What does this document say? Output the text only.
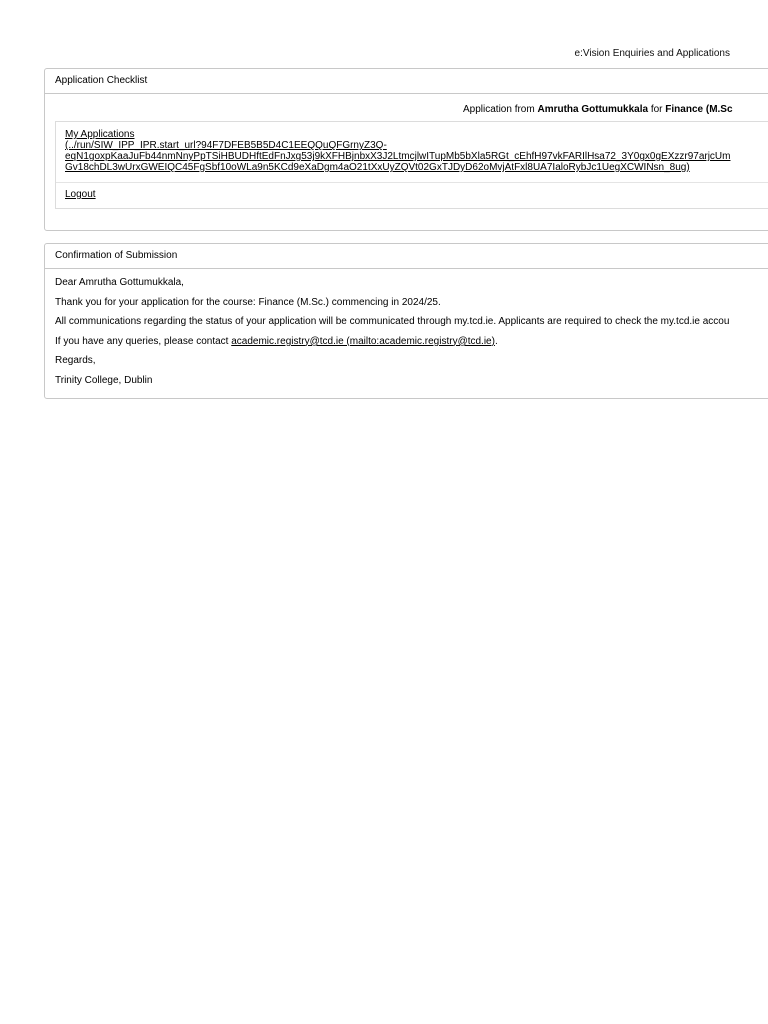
e:Vision Enquiries and Applications
Application Checklist
Application from Amrutha Gottumukkala for Finance (M.Sc
My Applications
(../run/SIW_IPP_IPR.start_url?94F7DFEB5B5D4C1EEQQuQFGrnyZ3Q-
eqN1goxpKaaJuFb44nmNnyPpTSiHBUDHftEdFnJxg53j9kXFHBjnbxX3J2LtmcjlwITupMb5bXla5RGt_cEhfH97vkFARIlHsa72_3Y0gx0gEXzzr97arjcUm
Gv18chDL3wUrxGWEIQC45FgSbf10oWLa9n5KCd9eXaDgm4aO21tXxUyZQVt02GxTJDyD62oMvjAtFxl8UA7IaloRybJc1UegXCWINsn_8ug)
Logout
Confirmation of Submission
Dear Amrutha Gottumukkala,
Thank you for your application for the course: Finance (M.Sc.) commencing in 2024/25.
All communications regarding the status of your application will be communicated through my.tcd.ie. Applicants are required to check the my.tcd.ie accou
If you have any queries, please contact academic.registry@tcd.ie (mailto:academic.registry@tcd.ie).
Regards,
Trinity College, Dublin
